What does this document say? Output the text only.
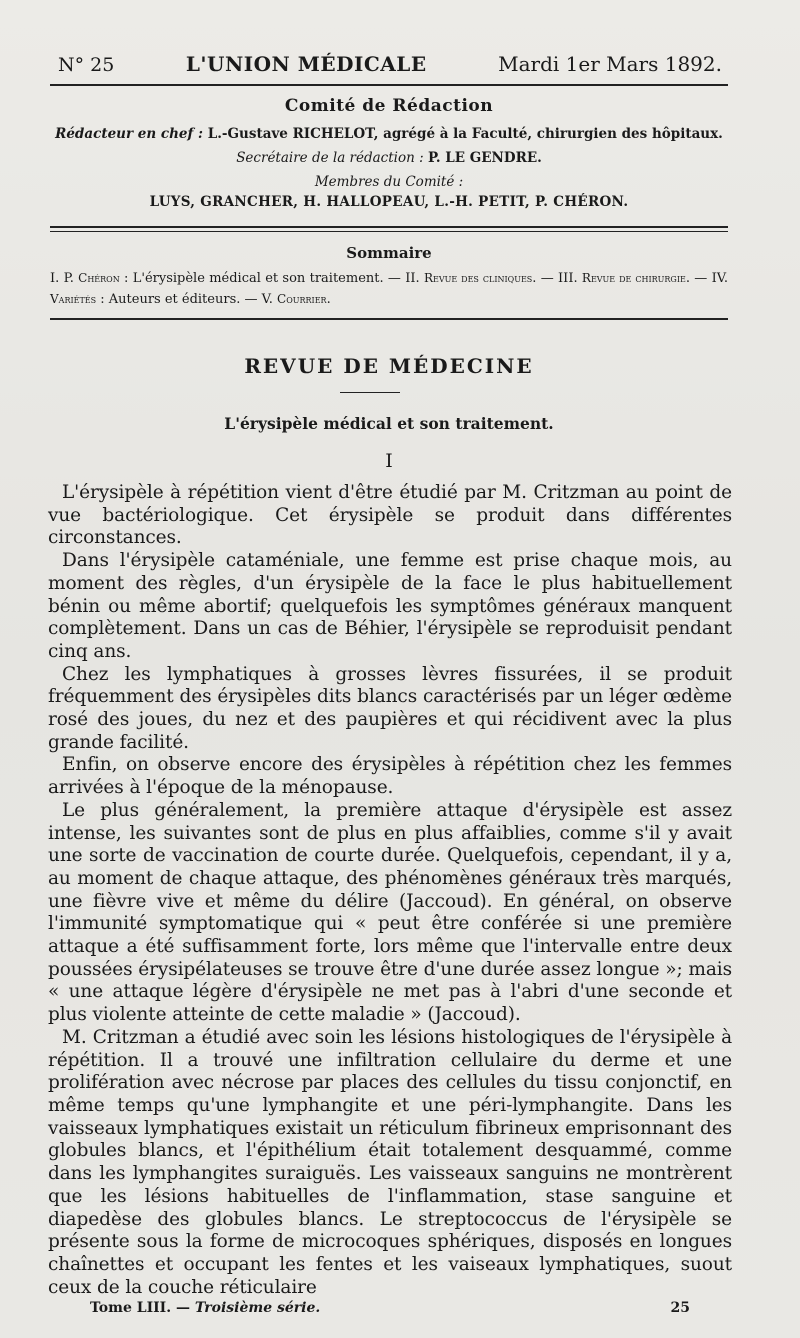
N° 25	L'UNION MÉDICALE	Mardi 1er Mars 1892.
Comité de Rédaction
Rédacteur en chef : L.-Gustave RICHELOT, agrégé à la Faculté, chirurgien des hôpitaux.
Secrétaire de la rédaction : P. LE GENDRE.
Membres du Comité :
LUYS, GRANCHER, H. HALLOPEAU, L.-H. PETIT, P. CHÉRON.
Sommaire
I. P. Chéron : L'érysipèle médical et son traitement. — II. Revue des cliniques. — III. Revue de chirurgie. — IV. Variétés : Auteurs et éditeurs. — V. Courrier.
REVUE DE MÉDECINE
L'érysipèle médical et son traitement.
I

L'érysipèle à répétition vient d'être étudié par M. Critzman au point de vue bactériologique. Cet érysipèle se produit dans différentes circonstances.

Dans l'érysipèle cataméniale, une femme est prise chaque mois, au moment des règles, d'un érysipèle de la face le plus habituellement bénin ou même abortif; quelquefois les symptômes généraux manquent complètement. Dans un cas de Béhier, l'érysipèle se reproduisit pendant cinq ans.

Chez les lymphatiques à grosses lèvres fissurées, il se produit fréquemment des érysipèles dits blancs caractérisés par un léger œdème rosé des joues, du nez et des paupières et qui récidivent avec la plus grande facilité.

Enfin, on observe encore des érysipèles à répétition chez les femmes arrivées à l'époque de la ménopause.

Le plus généralement, la première attaque d'érysipèle est assez intense, les suivantes sont de plus en plus affaiblies, comme s'il y avait une sorte de vaccination de courte durée. Quelquefois, cependant, il y a, au moment de chaque attaque, des phénomènes généraux très marqués, une fièvre vive et même du délire (Jaccoud). En général, on observe l'immunité symptomatique qui « peut être conférée si une première attaque a été suffisamment forte, lors même que l'intervalle entre deux poussées érysipélateuses se trouve être d'une durée assez longue »; mais « une attaque légère d'érysipèle ne met pas à l'abri d'une seconde et plus violente atteinte de cette maladie » (Jaccoud).

M. Critzman a étudié avec soin les lésions histologiques de l'érysipèle à répétition. Il a trouvé une infiltration cellulaire du derme et une prolifération avec nécrose par places des cellules du tissu conjonctif, en même temps qu'une lymphangite et une péri-lymphangite. Dans les vaisseaux lymphatiques existait un réticulum fibrineux emprisonnant des globules blancs, et l'épithélium était totalement desquammé, comme dans les lymphangites suraiguës. Les vaisseaux sanguins ne montrèrent que les lésions habituelles de l'inflammation, stase sanguine et diapedèse des globules blancs. Le streptococcus de l'érysipèle se présente sous la forme de microcoques sphériques, disposés en longues chaînettes et occupant les fentes et les vaiseaux lymphatiques, suout ceux de la couche réticulaire

Tome LIII. — Troisième série.	25
